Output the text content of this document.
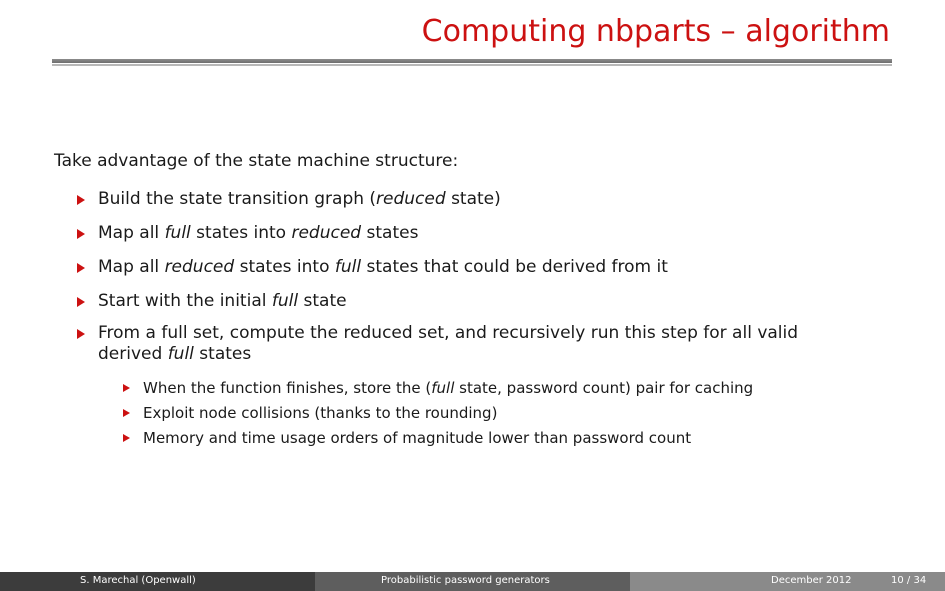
Computing nbparts – algorithm
Take advantage of the state machine structure:
Build the state transition graph (reduced state)
Map all full states into reduced states
Map all reduced states into full states that could be derived from it
Start with the initial full state
From a full set, compute the reduced set, and recursively run this step for all valid
derived full states
When the function finishes, store the (full state, password count) pair for caching
Exploit node collisions (thanks to the rounding)
Memory and time usage orders of magnitude lower than password count
S. Marechal (Openwall)	Probabilistic password generators	December 2012	10 / 34
